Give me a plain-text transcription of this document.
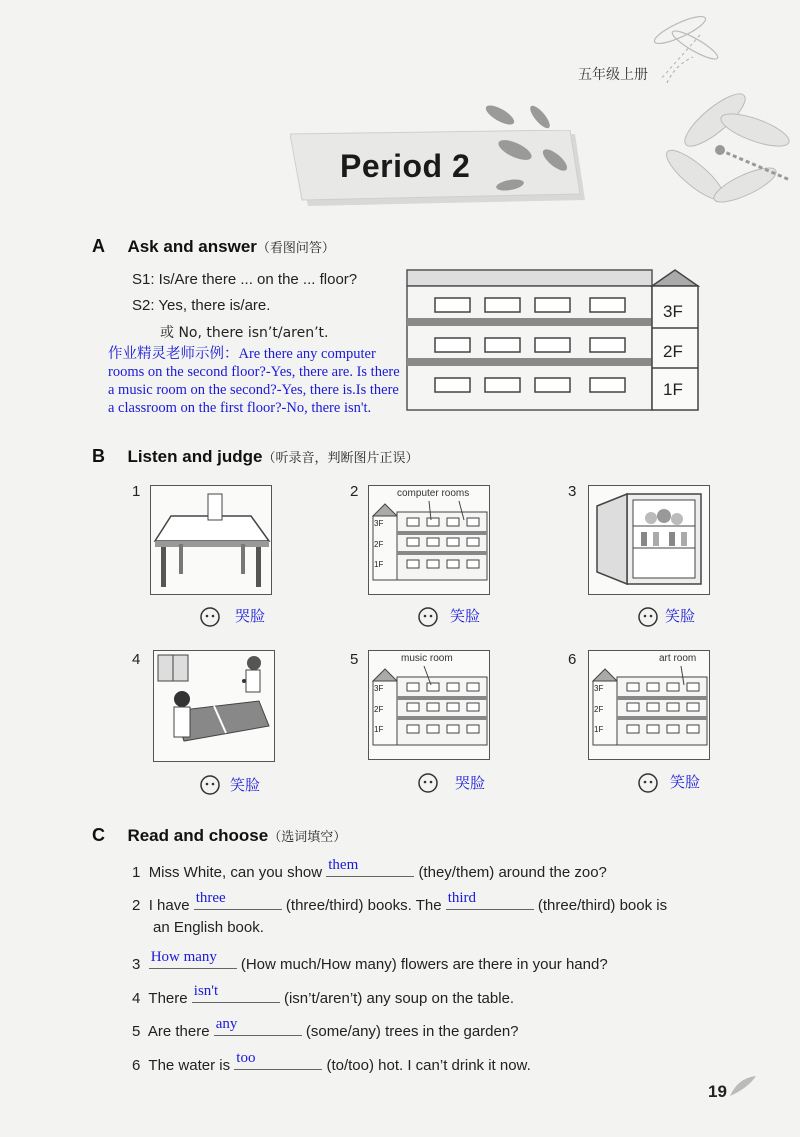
五年级上册
Period 2
A Ask and answer（看图问答）
S1: Is/Are there ... on the ... floor?
S2: Yes, there is/are.
或 No, there isn’t/aren’t.
作业精灵老师示例：Are there any computer rooms on the second floor?-Yes, there are. Is there a music room on the second?-Yes, there is.Is there a classroom on the first floor?-No, there isn't.
3F
2F
1F
B Listen and judge（听录音，判断图片正误）
1	2	computer rooms
3F
2F
1F
3
哭脸	笑脸	笑脸
4	5	music room
3F
2F
1F
6	art room
3F
2F
1F
笑脸	哭脸	笑脸
C Read and choose（选词填空）
1 Miss White, can you show them	(they/them) around the zoo?
2 I have three	(three/third) books. The third	(three/third) book is
an English book.
3 How many (How much/How many) flowers are there in your hand?
4 There isn't	(isn’t/aren’t) any soup on the table.
5 Are there any	(some/any) trees in the garden?
6 The water is too	(to/too) hot. I can’t drink it now.
19
